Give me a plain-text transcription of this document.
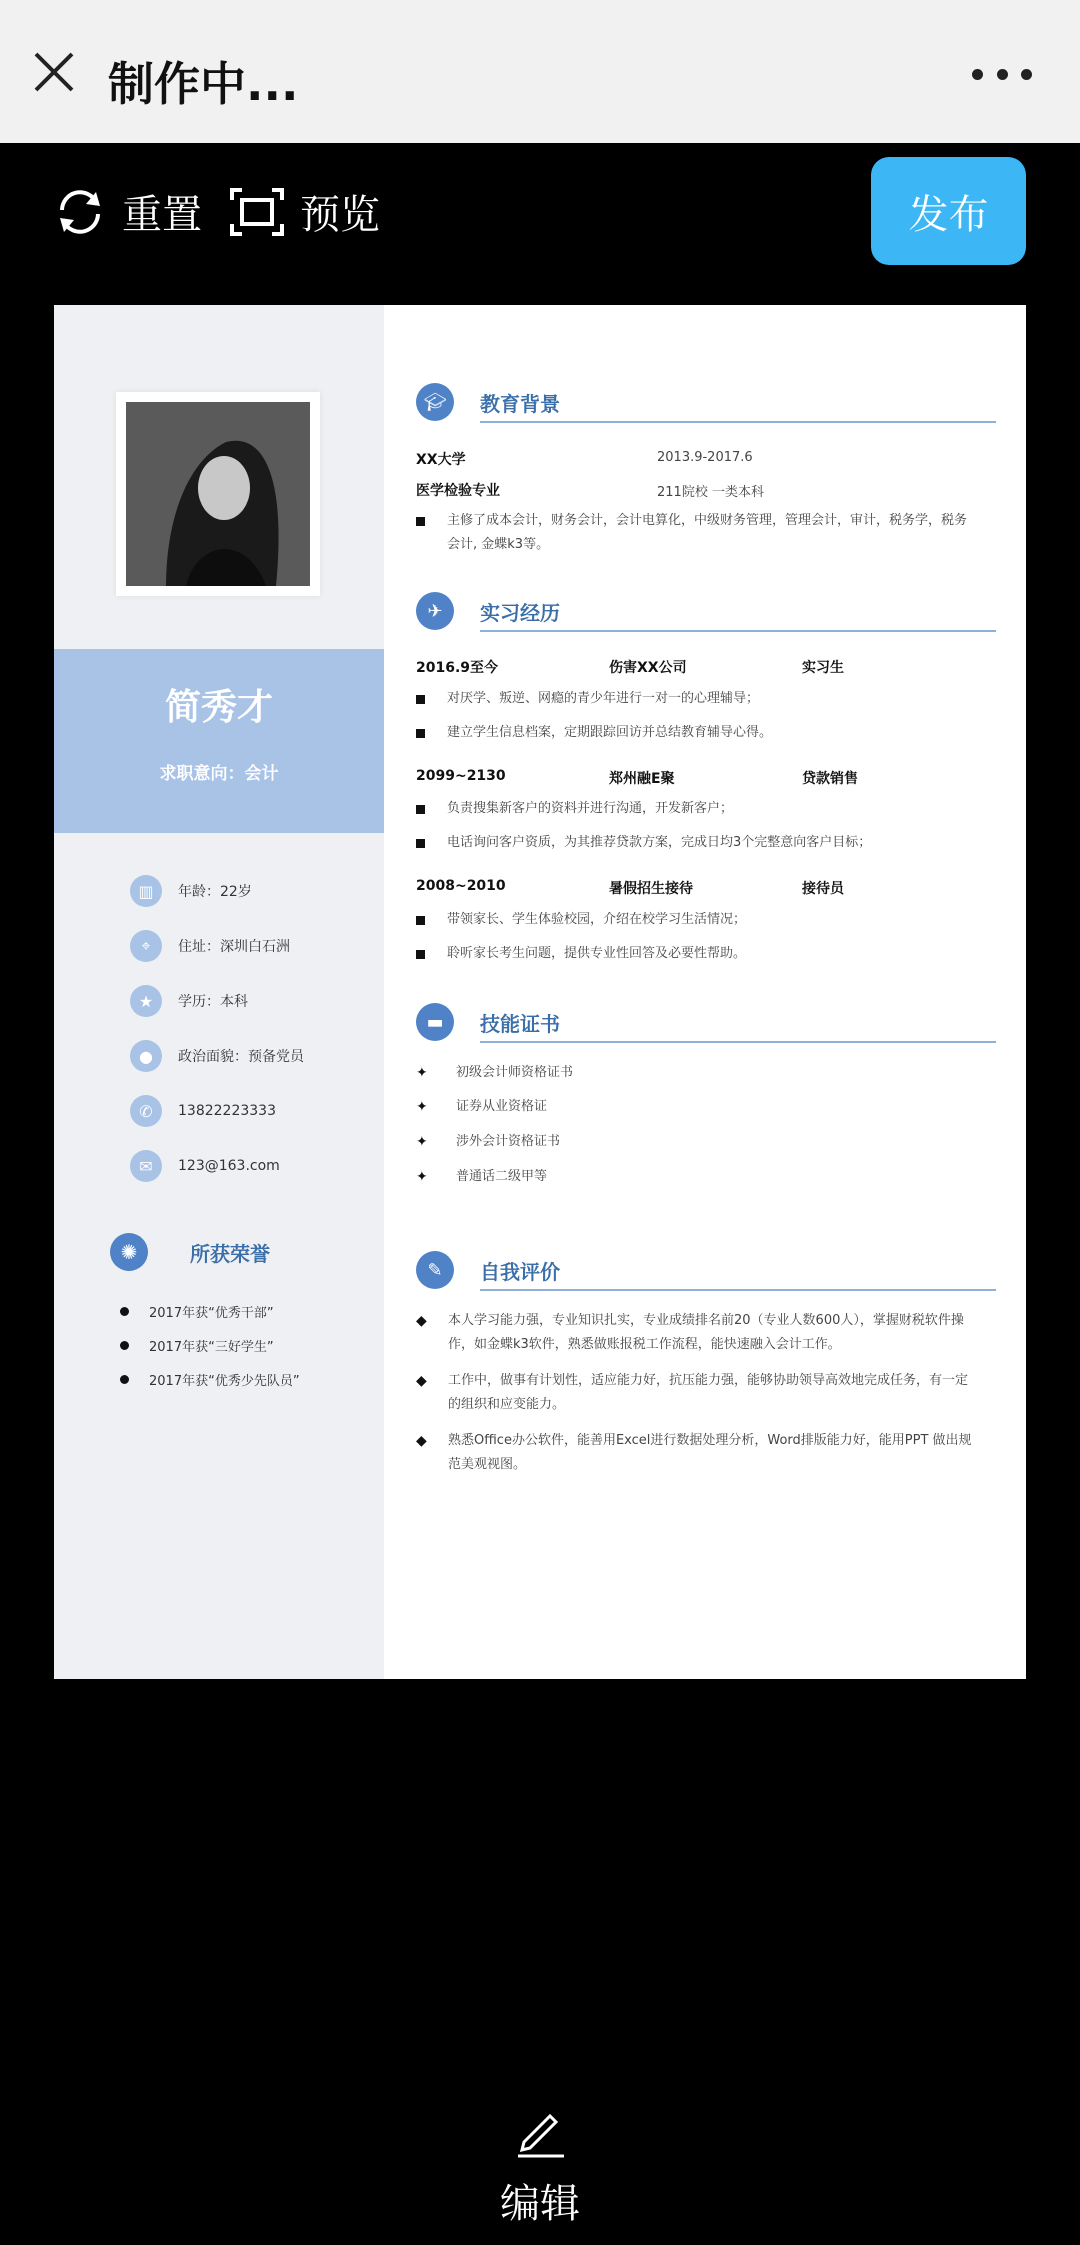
制作中...
重置 预览	发布
简秀才
求职意向：会计
▥	年龄：22岁
⌖	住址：深圳白石洲
★	学历：本科
●	政治面貌：预备党员
✆	13822223333
✉	123@163.com
✺	所获荣誉
2017年获“优秀干部”
2017年获“三好学生”
2017年获“优秀少先队员”
🎓︎	教育背景
XX大学	2013.9-2017.6
医学检验专业	211院校 一类本科
主修了成本会计，财务会计，会计电算化，中级财务管理，管理会计，审计，税务学，税务会计, 金蝶k3等。
✈	实习经历
2016.9至今	伤害XX公司	实习生
对厌学、叛逆、网瘾的青少年进行一对一的心理辅导；
建立学生信息档案，定期跟踪回访并总结教育辅导心得。
2099~2130	郑州融E聚	贷款销售
负责搜集新客户的资料并进行沟通，开发新客户；
电话询问客户资质，为其推荐贷款方案，完成日均3个完整意向客户目标；
2008~2010	暑假招生接待	接待员
带领家长、学生体验校园，介绍在校学习生活情况；
聆听家长考生问题，提供专业性回答及必要性帮助。
▬	技能证书
✦ 初级会计师资格证书
✦ 证券从业资格证
✦ 涉外会计资格证书
✦ 普通话二级甲等
✎	自我评价
◆ 本人学习能力强，专业知识扎实，专业成绩排名前20（专业人数600人），掌握财税软件操作，如金蝶k3软件，熟悉做账报税工作流程，能快速融入会计工作。
◆ 工作中，做事有计划性，适应能力好，抗压能力强，能够协助领导高效地完成任务，有一定的组织和应变能力。
◆ 熟悉Office办公软件，能善用Excel进行数据处理分析，Word排版能力好，能用PPT 做出规范美观视图。
编辑
